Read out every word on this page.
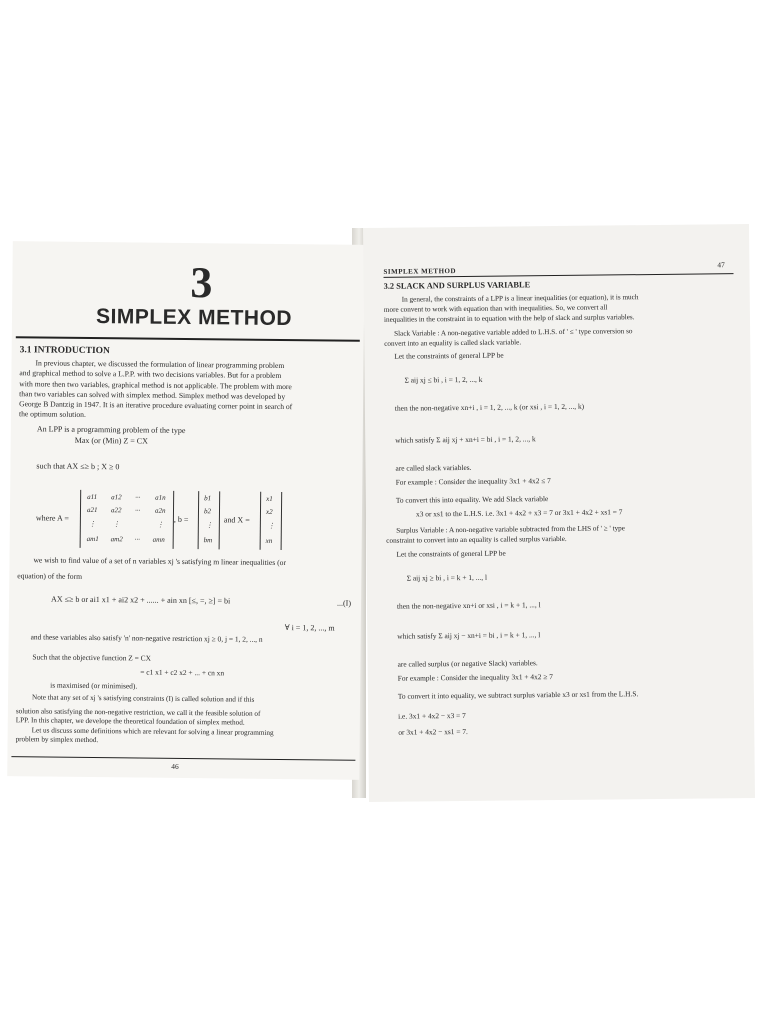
3
SIMPLEX METHOD
3.1 INTRODUCTION
In previous chapter, we discussed the formulation of linear programming problem
and graphical method to solve a L.P.P. with two decisions variables. But for a problem
with more then two variables, graphical method is not applicable. The problem with more
than two variables can solved with simplex method. Simplex method was developed by
George B Dantzig in 1947. It is an iterative procedure evaluating corner point in search of
the optimum solution.
An LPP is a programming problem of the type
Max (or (Min) Z = CX
such that AX ≤≥ b ; X ≥ 0
where A =
a11 a12 ··· a1n
a21 a22 ··· a2n
⋮ ⋮	⋮
am1 am2 ··· amn
, b =
b1
b2
⋮
bm
and X =
x1
x2
⋮
xn
we wish to find value of a set of n variables xj 's satisfying m linear inequalities (or
equation) of the form
AX ≤≥ b or ai1 x1 + ai2 x2 + ...... + ain xn [≤, =, ≥] = bi	...(I)
∀ i = 1, 2, ..., m
and these variables also satisfy 'n' non-negative restriction xj ≥ 0, j = 1, 2, ..., n
Such that the objective function Z = CX
= c1 x1 + c2 x2 + ... + cn xn
is maximised (or minimised).
Note that any set of xj 's satisfying constraints (I) is called solution and if this
solution also satisfying the non-negative restriction, we call it the feasible solution of
LPP. In this chapter, we develope the theoretical foundation of simplex method.
Let us discuss some definitions which are relevant for solving a linear programming
problem by simplex method.
46
SIMPLEX METHOD
47
3.2 SLACK AND SURPLUS VARIABLE
In general, the constraints of a LPP is a linear inequalities (or equation), it is much
more convent to work with equation than with inequalities. So, we convert all
inequalities in the constraint in to equation with the help of slack and surplus variables.
Slack Variable : A non-negative variable added to L.H.S. of ' ≤ ' type conversion so
convert into an equality is called slack variable.
Let the constraints of general LPP be
Σ aij xj ≤ bi , i = 1, 2, ..., k
then the non-negative xn+i , i = 1, 2, ..., k (or xsi , i = 1, 2, ..., k)
which satisfy Σ aij xj + xn+i = bi , i = 1, 2, ..., k
are called slack variables.
For example : Consider the inequality 3x1 + 4x2 ≤ 7
To convert this into equality. We add Slack variable
x3 or xs1 to the L.H.S. i.e. 3x1 + 4x2 + x3 = 7 or 3x1 + 4x2 + xs1 = 7
Surplus Variable : A non-negative variable subtracted from the LHS of ' ≥ ' type
constraint to convert into an equality is called surplus variable.
Let the constraints of general LPP be
Σ aij xj ≥ bi , i = k + 1, ..., l
then the non-negative xn+i or xsi , i = k + 1, ..., l
which satisfy Σ aij xj − xn+i = bi , i = k + 1, ..., l
are called surplus (or negative Slack) variables.
For example : Consider the inequality 3x1 + 4x2 ≥ 7
To convert it into equality, we subtract surplus variable x3 or xs1 from the L.H.S.
i.e. 3x1 + 4x2 − x3 = 7
or 3x1 + 4x2 − xs1 = 7.
